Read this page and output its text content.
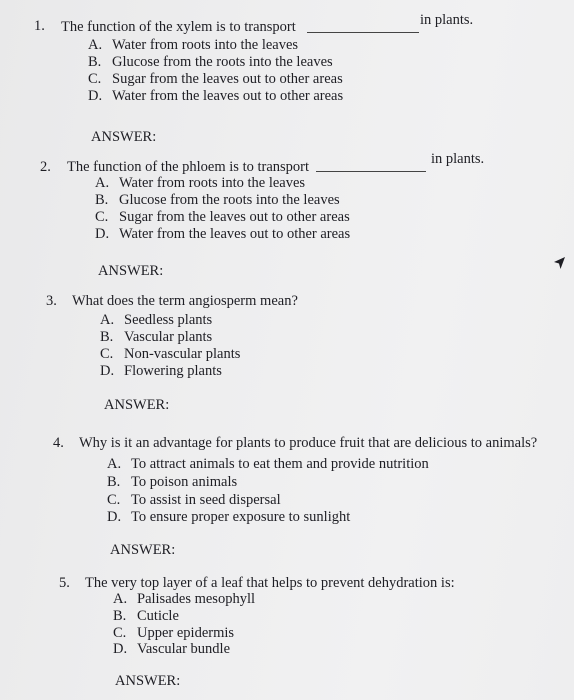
1. The function of the xylem is to transport	in plants.
A. Water from roots into the leaves
B. Glucose from the roots into the leaves
C. Sugar from the leaves out to other areas
D. Water from the leaves out to other areas
ANSWER:
2. The function of the phloem is to transport	in plants.
A. Water from roots into the leaves
B. Glucose from the roots into the leaves
C. Sugar from the leaves out to other areas
D. Water from the leaves out to other areas
ANSWER:
3. What does the term angiosperm mean?
A. Seedless plants
B. Vascular plants
C. Non-vascular plants
D. Flowering plants
ANSWER:
4. Why is it an advantage for plants to produce fruit that are delicious to animals?
A. To attract animals to eat them and provide nutrition
B. To poison animals
C. To assist in seed dispersal
D. To ensure proper exposure to sunlight
ANSWER:
5. The very top layer of a leaf that helps to prevent dehydration is:
A. Palisades mesophyll
B. Cuticle
C. Upper epidermis
D. Vascular bundle
ANSWER:
